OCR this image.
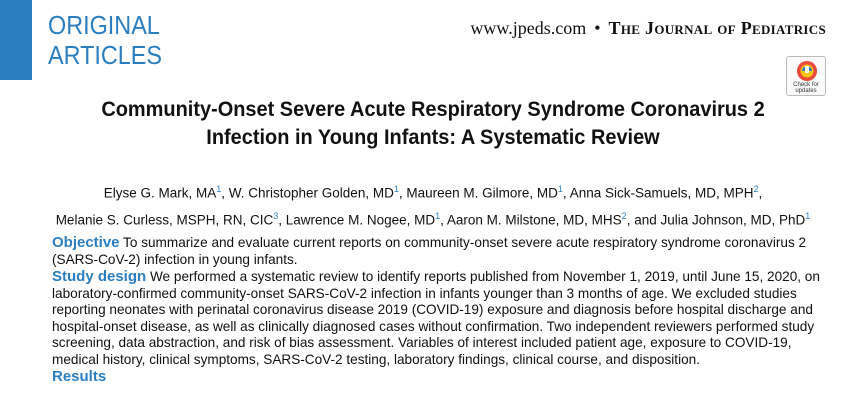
ORIGINAL
ARTICLES
www.jpeds.com • The Journal of Pediatrics
Check for
updates
Community-Onset Severe Acute Respiratory Syndrome Coronavirus 2
Infection in Young Infants: A Systematic Review
Elyse G. Mark, $MA^1$, W. Christopher Golden, $MD^1$, Maureen M. Gilmore, $MD^1$, Anna Sick-Samuels, MD, MPH$^2$,
Melanie S. Curless, MSPH, RN, CIC$^3$, Lawrence M. Nogee, $MD^1$, Aaron M. Milstone, MD, MHS$^2$, and Julia Johnson, MD, PhD$^1$

Objective To summarize and evaluate current reports on community-onset severe acute respiratory syndrome coronavirus 2 (SARS-CoV-2) infection in young infants.

Study design We performed a systematic review to identify reports published from November 1, 2019, until June 15, 2020, on laboratory-confirmed community-onset SARS-CoV-2 infection in infants younger than 3 months of age. We excluded studies reporting neonates with perinatal coronavirus disease 2019 (COVID-19) exposure and diagnosis before hospital discharge and hospital-onset disease, as well as clinically diagnosed cases without confirmation. Two independent reviewers performed study screening, data abstraction, and risk of bias assessment. Variables of interest included patient age, exposure to COVID-19, medical history, clinical symptoms, SARS-CoV-2 testing, laboratory findings, clinical course, and disposition.

Results
